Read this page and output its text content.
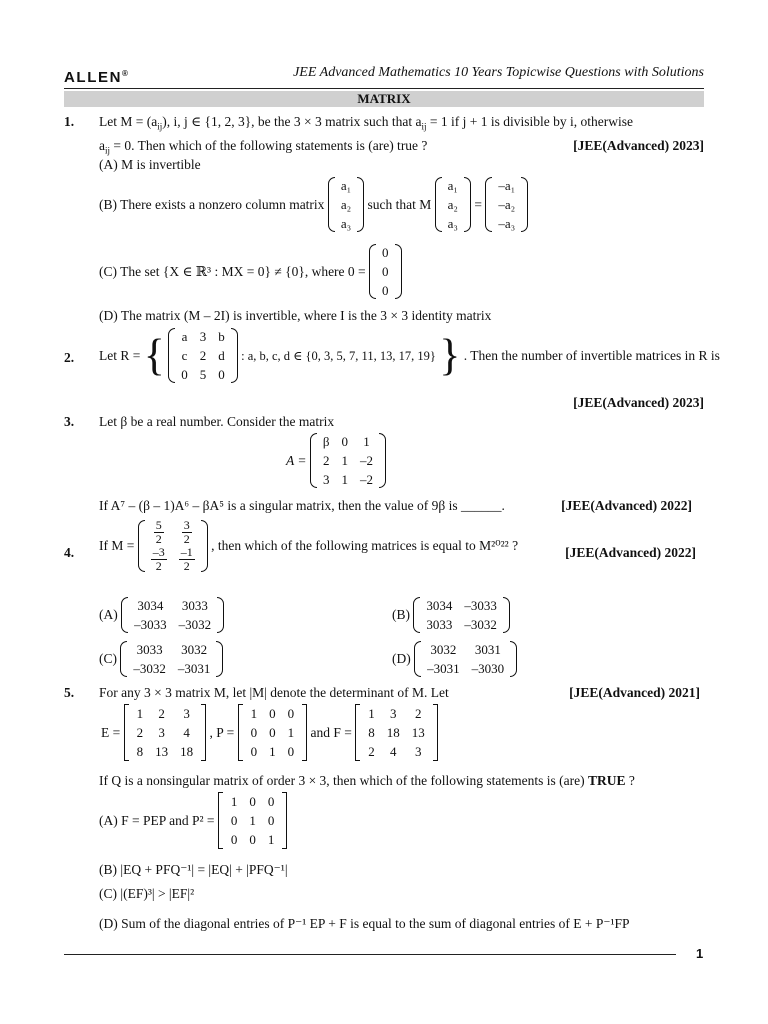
ALLEN®	JEE Advanced Mathematics 10 Years Topicwise Questions with Solutions
MATRIX
1. Let $M = (a_{ij})$, i, j ∈ {1, 2, 3}, be the 3 × 3 matrix such that $a_{ij} = 1$ if j + 1 is divisible by i, otherwise
$a_{ij} = 0$. Then which of the following statements is (are) true ?	[JEE(Advanced) 2023]
(A) M is invertible
(B) There exists a nonzero column matrix
a₁
a₂
a₃
such that M
a₁
a₂
a₃
=
–a₁
–a₂
–a₃
(C) The set {X ∈ ℝ³ : MX = 0} ≠ {0}, where 0 =
0
0
0
(D) The matrix (M – 2I) is invertible, where I is the 3 × 3 identity matrix
2. Let R = { a	3	b
c	2	d
0	5	0
: a, b, c, d ∈ {0, 3, 5, 7, 11, 13, 17, 19} } . Then the number of invertible matrices in R is
[JEE(Advanced) 2023]
3. Let β be a real number. Consider the matrix
A =
β	0	1
2	1	–2
3	1	–2
If A⁷ – (β – 1)A⁶ – βA⁵ is a singular matrix, then the value of 9β is ______.	[JEE(Advanced) 2022]
4. If $M = \frac{5}{2}$	$\frac{3}{2}$

$\frac{-3}{2}$	$\frac{-1}{2}$
, then which of the following matrices is equal to M²⁰²² ?	[JEE(Advanced) 2022]
(A)
3034	3033
–3033	–3032
(B)
3034	–3033
3033	–3032
(C)
3033	3032
–3032	–3031
(D)
3032	3031
–3031	–3030
5. For any 3 × 3 matrix M, let |M| denote the determinant of M. Let	[JEE(Advanced) 2021]
E =
1	2	3
2	3	4
8	13	18
, P =
1	0	0
0	0	1
0	1	0
and F =
1	3	2
8	18	13
2	4	3
If Q is a nonsingular matrix of order 3 × 3, then which of the following statements is (are) TRUE ?
(A) F = PEP and P² =
1	0	0
0	1	0
0	0	1
(B) |EQ + PFQ⁻¹| = |EQ| + |PFQ⁻¹|
(C) |(EF)³| > |EF|²
(D) Sum of the diagonal entries of P⁻¹ EP + F is equal to the sum of diagonal entries of E + P⁻¹FP
1
